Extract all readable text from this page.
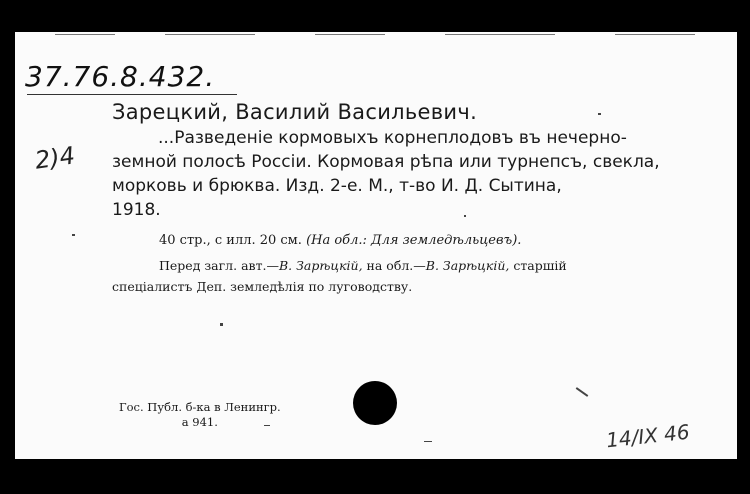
37.76.8.432.
2)4
Зарецкий, Василий Васильевич.
...Разведеніе кормовыхъ корнеплодовъ въ нечерно-
земной полосѣ Россіи. Кормовая рѣпа или турнепсъ, свекла,
морковь и брюква. Изд. 2-е. М., т-во И. Д. Сытина,
1918.
40 стр., с илл. 20 см. (На обл.: Для земледѣльцевъ).
Перед загл. авт.—В. Зарѣцкій, на обл.—В. Зарѣцкій, старшій
спеціалистъ Деп. земледѣлія по луговодству.
Гос. Публ. б-ка в Ленингр.
а 941.	14/IX 46
